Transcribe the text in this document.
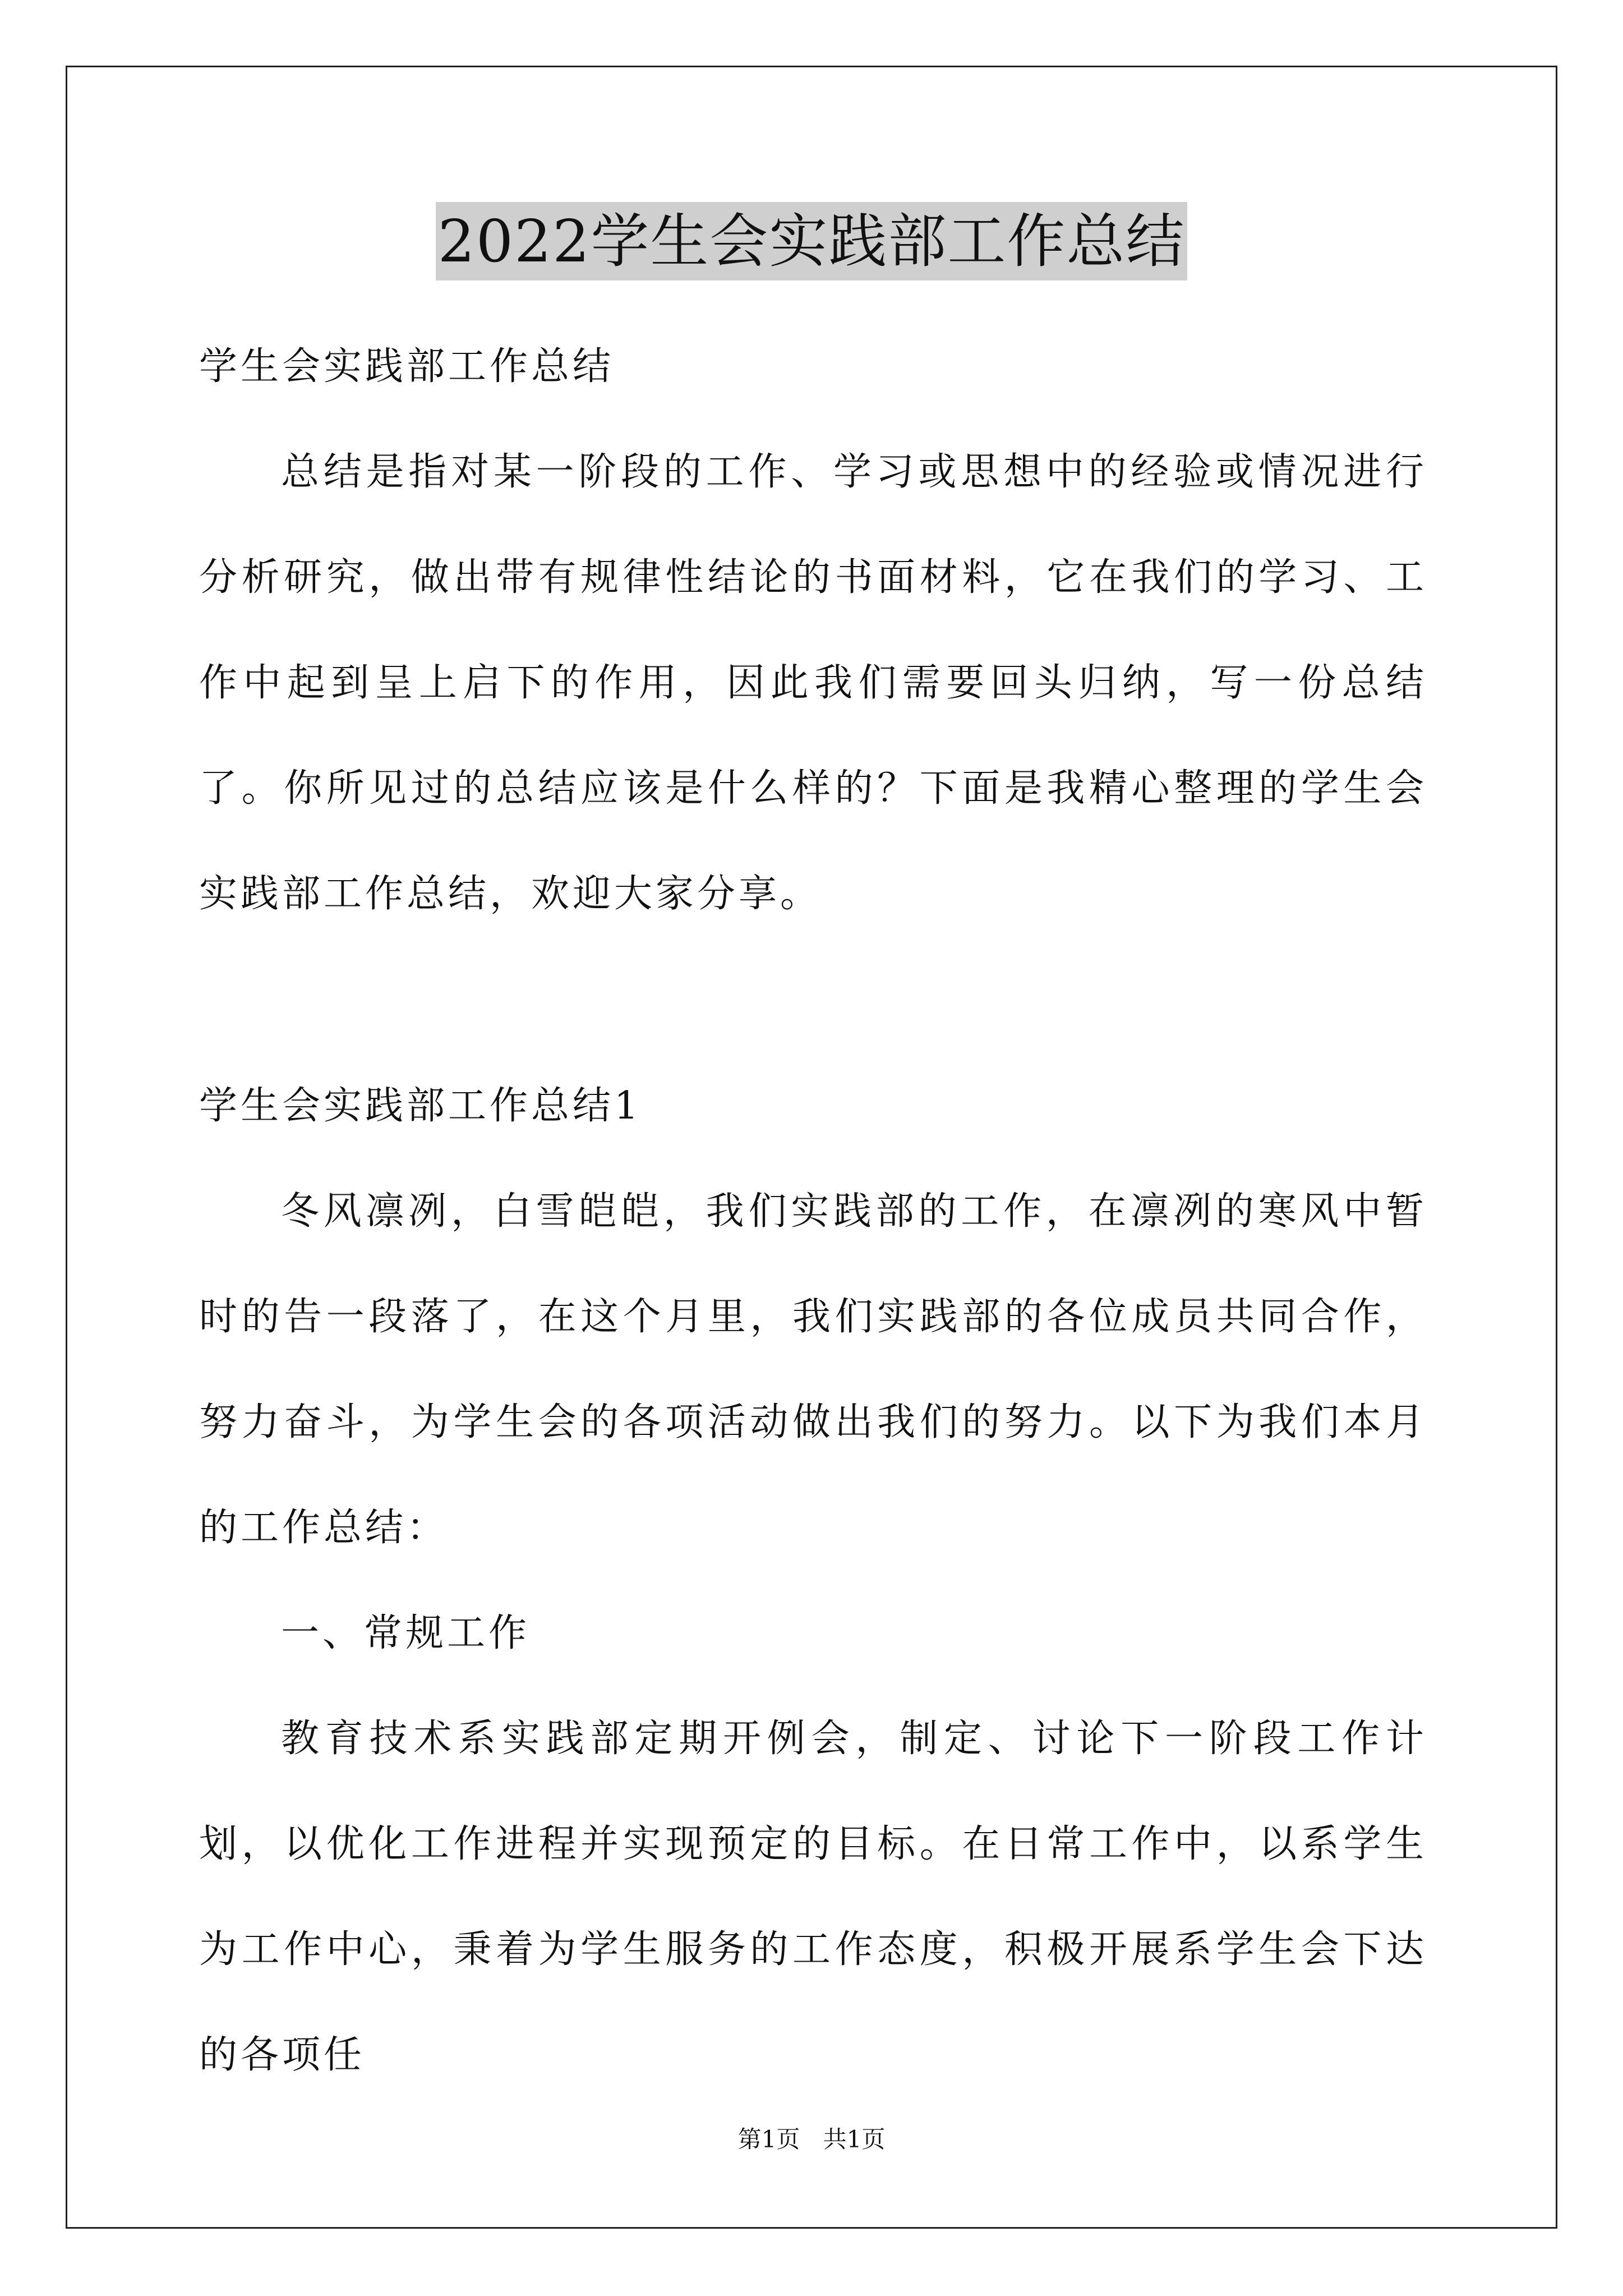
2022学生会实践部工作总结

学生会实践部工作总结

总结是指对某一阶段的工作、学习或思想中的经验或情况进行分析研究，做出带有规律性结论的书面材料，它在我们的学习、工作中起到呈上启下的作用，因此我们需要回头归纳，写一份总结了。你所见过的总结应该是什么样的？下面是我精心整理的学生会实践部工作总结，欢迎大家分享。

学生会实践部工作总结1

冬风凛冽，白雪皑皑，我们实践部的工作，在凛冽的寒风中暂时的告一段落了，在这个月里，我们实践部的各位成员共同合作，努力奋斗，为学生会的各项活动做出我们的努力。以下为我们本月的工作总结：

一、常规工作

教育技术系实践部定期开例会，制定、讨论下一阶段工作计划，以优化工作进程并实现预定的目标。在日常工作中，以系学生为工作中心，秉着为学生服务的工作态度，积极开展系学生会下达的各项任

第1页 共1页
